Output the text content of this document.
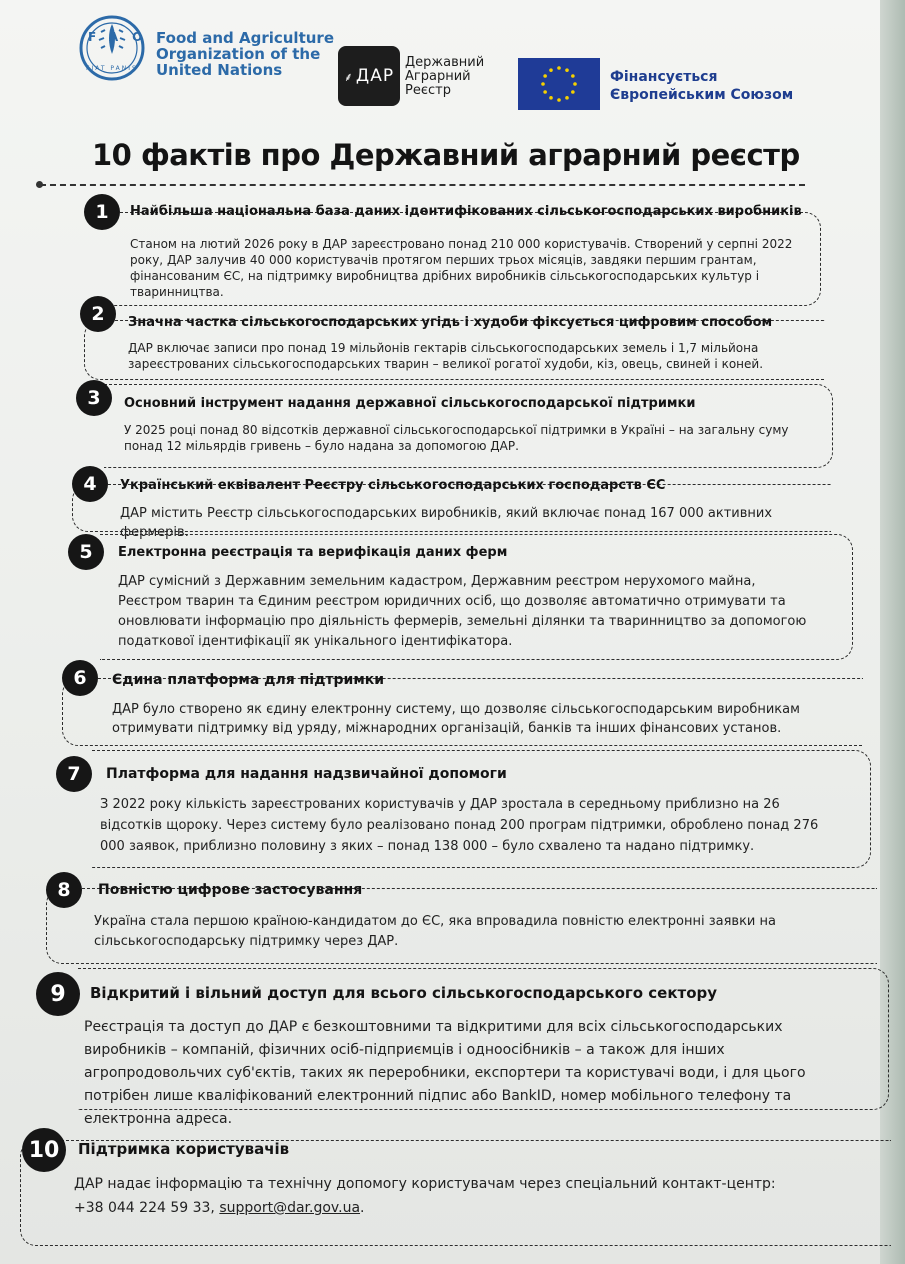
FAO
FIAT PANIS
Food and Agriculture
Organization of the
United Nations	⸙ ДАР
Державний
Аграрний
Реєстр
Фінансується
Європейським Союзом
10 фактів про Державний аграрний реєстр
1	Найбільша національна база даних ідентифікованих сільськогосподарських виробників
Станом на лютий 2026 року в ДАР зареєстровано понад 210 000 користувачів. Створений у серпні 2022 року, ДАР залучив 40 000 користувачів протягом перших трьох місяців, завдяки першим грантам, фінансованим ЄС, на підтримку виробництва дрібних виробників сільськогосподарських культур і тваринництва.
2	Значна частка сільськогосподарських угідь і худоби фіксується цифровим способом
ДАР включає записи про понад 19 мільйонів гектарів сільськогосподарських земель і 1,7 мільйона зареєстрованих сільськогосподарських тварин – великої рогатої худоби, кіз, овець, свиней і коней.
3	Основний інструмент надання державної сільськогосподарської підтримки
У 2025 році понад 80 відсотків державної сільськогосподарської підтримки в Україні – на загальну суму понад 12 мільярдів гривень – було надана за допомогою ДАР.
4	Український еквівалент Реєстру сільськогосподарських господарств ЄС
ДАР містить Реєстр сільськогосподарських виробників, який включає понад 167 000 активних фермерів.
5	Електронна реєстрація та верифікація даних ферм
ДАР сумісний з Державним земельним кадастром, Державним реєстром нерухомого майна, Реєстром тварин та Єдиним реєстром юридичних осіб, що дозволяє автоматично отримувати та оновлювати інформацію про діяльність фермерів, земельні ділянки та тваринництво за допомогою податкової ідентифікації як унікального ідентифікатора.
6	Єдина платформа для підтримки
ДАР було створено як єдину електронну систему, що дозволяє сільськогосподарським виробникам отримувати підтримку від уряду, міжнародних організацій, банків та інших фінансових установ.
7	Платформа для надання надзвичайної допомоги
З 2022 року кількість зареєстрованих користувачів у ДАР зростала в середньому приблизно на 26 відсотків щороку. Через систему було реалізовано понад 200 програм підтримки, оброблено понад 276 000 заявок, приблизно половину з яких – понад 138 000 – було схвалено та надано підтримку.
8	Повністю цифрове застосування
Україна стала першою країною-кандидатом до ЄС, яка впровадила повністю електронні заявки на сільськогосподарську підтримку через ДАР.
9	Відкритий і вільний доступ для всього сільськогосподарського сектору
Реєстрація та доступ до ДАР є безкоштовними та відкритими для всіх сільськогосподарських виробників – компаній, фізичних осіб-підприємців і одноосібників – а також для інших агропродовольчих суб'єктів, таких як переробники, експортери та користувачі води, і для цього потрібен лише кваліфікований електронний підпис або BankID, номер мобільного телефону та електронна адреса.
10	Підтримка користувачів
ДАР надає інформацію та технічну допомогу користувачам через спеціальний контакт-центр:
+38 044 224 59 33, support@dar.gov.ua.
